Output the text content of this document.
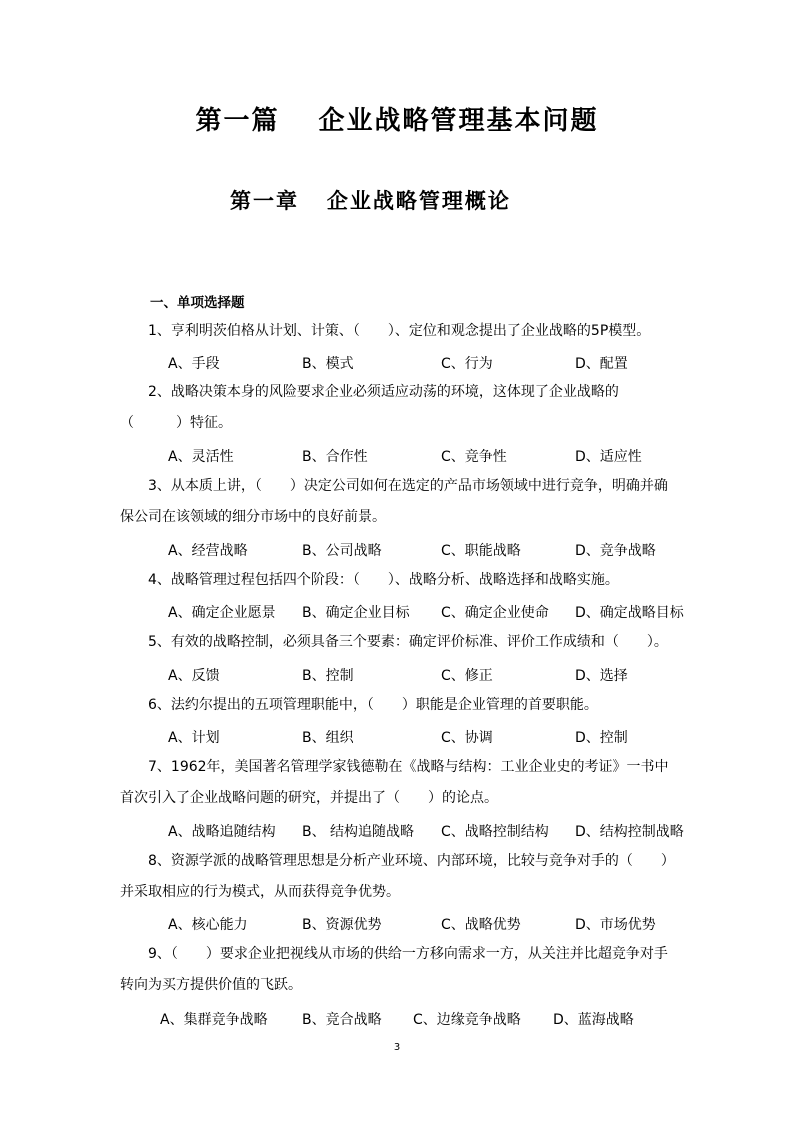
第一篇　 企业战略管理基本问题
第一章   企业战略管理概论
一、单项选择题
1、亨利明茨伯格从计划、计策、（　　）、定位和观念提出了企业战略的5P模型。
A、手段	B、模式	C、行为	D、配置
2、战略决策本身的风险要求企业必须适应动荡的环境，这体现了企业战略的（　　　）特征。
A、灵活性	B、合作性	C、竞争性	D、适应性
3、从本质上讲，（　　）决定公司如何在选定的产品市场领域中进行竞争，明确并确保公司在该领域的细分市场中的良好前景。
A、经营战略	B、公司战略	C、职能战略	D、竞争战略
4、战略管理过程包括四个阶段：（　　）、战略分析、战略选择和战略实施。
A、确定企业愿景 B、确定企业目标 C、确定企业使命 D、确定战略目标
5、有效的战略控制，必须具备三个要素：确定评价标准、评价工作成绩和（　　）。
A、反馈	B、控制	C、修正	D、选择
6、法约尔提出的五项管理职能中，（　　）职能是企业管理的首要职能。
A、计划	B、组织	C、协调	D、控制
7、1962年，美国著名管理学家钱德勒在《战略与结构：工业企业史的考证》一书中首次引入了企业战略问题的研究，并提出了（　　）的论点。
A、战略追随结构 B、 结构追随战略 C、战略控制结构 D、结构控制战略
8、资源学派的战略管理思想是分析产业环境、内部环境，比较与竞争对手的（　　）并采取相应的行为模式，从而获得竞争优势。
A、核心能力	B、资源优势	C、战略优势	D、市场优势
9、（　　）要求企业把视线从市场的供给一方移向需求一方，从关注并比超竞争对手转向为买方提供价值的飞跃。
A、集群竞争战略 B、竞合战略 C、边缘竞争战略 D、蓝海战略
3
